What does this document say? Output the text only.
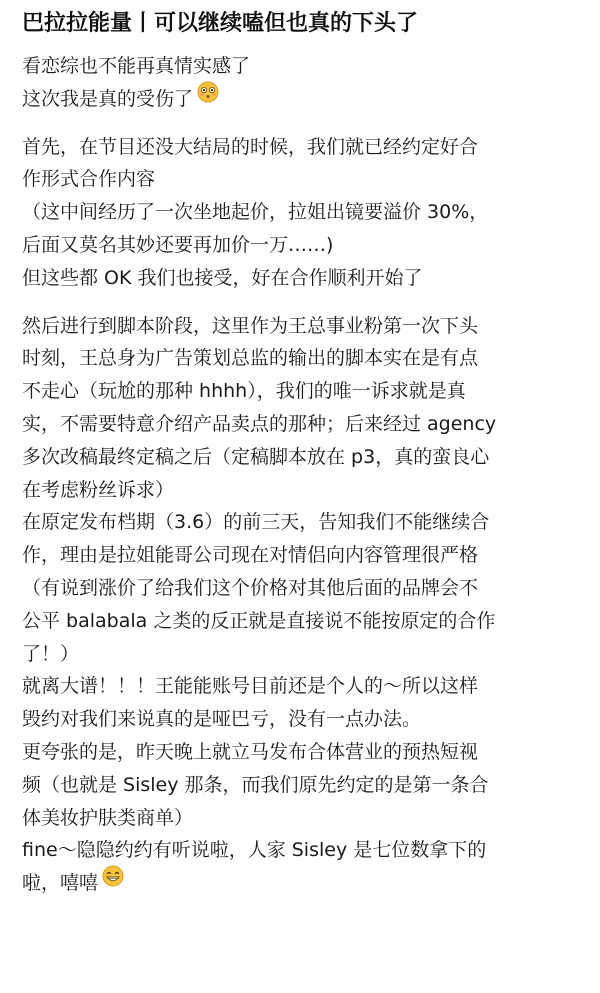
巴拉拉能量丨可以继续嗑但也真的下头了
看恋综也不能再真情实感了
这次我是真的受伤了
首先，在节目还没大结局的时候，我们就已经约定好合
作形式合作内容
（这中间经历了一次坐地起价，拉姐出镜要溢价 30%，
后面又莫名其妙还要再加价一万……)
但这些都 OK 我们也接受，好在合作顺利开始了
然后进行到脚本阶段，这里作为王总事业粉第一次下头
时刻，王总身为广告策划总监的输出的脚本实在是有点
不走心（玩尬的那种 hhhh），我们的唯一诉求就是真
实，不需要特意介绍产品卖点的那种；后来经过 agency
多次改稿最终定稿之后（定稿脚本放在 p3，真的蛮良心
在考虑粉丝诉求）
在原定发布档期（3.6）的前三天，告知我们不能继续合
作，理由是拉姐能哥公司现在对情侣向内容管理很严格
（有说到涨价了给我们这个价格对其他后面的品牌会不
公平 balabala 之类的反正就是直接说不能按原定的合作
了！）
就离大谱！！！王能能账号目前还是个人的～所以这样
毁约对我们来说真的是哑巴亏，没有一点办法。
更夸张的是，昨天晚上就立马发布合体营业的预热短视
频（也就是 Sisley 那条，而我们原先约定的是第一条合
体美妆护肤类商单）
fine～隐隐约约有听说啦，人家 Sisley 是七位数拿下的
啦，嘻嘻
